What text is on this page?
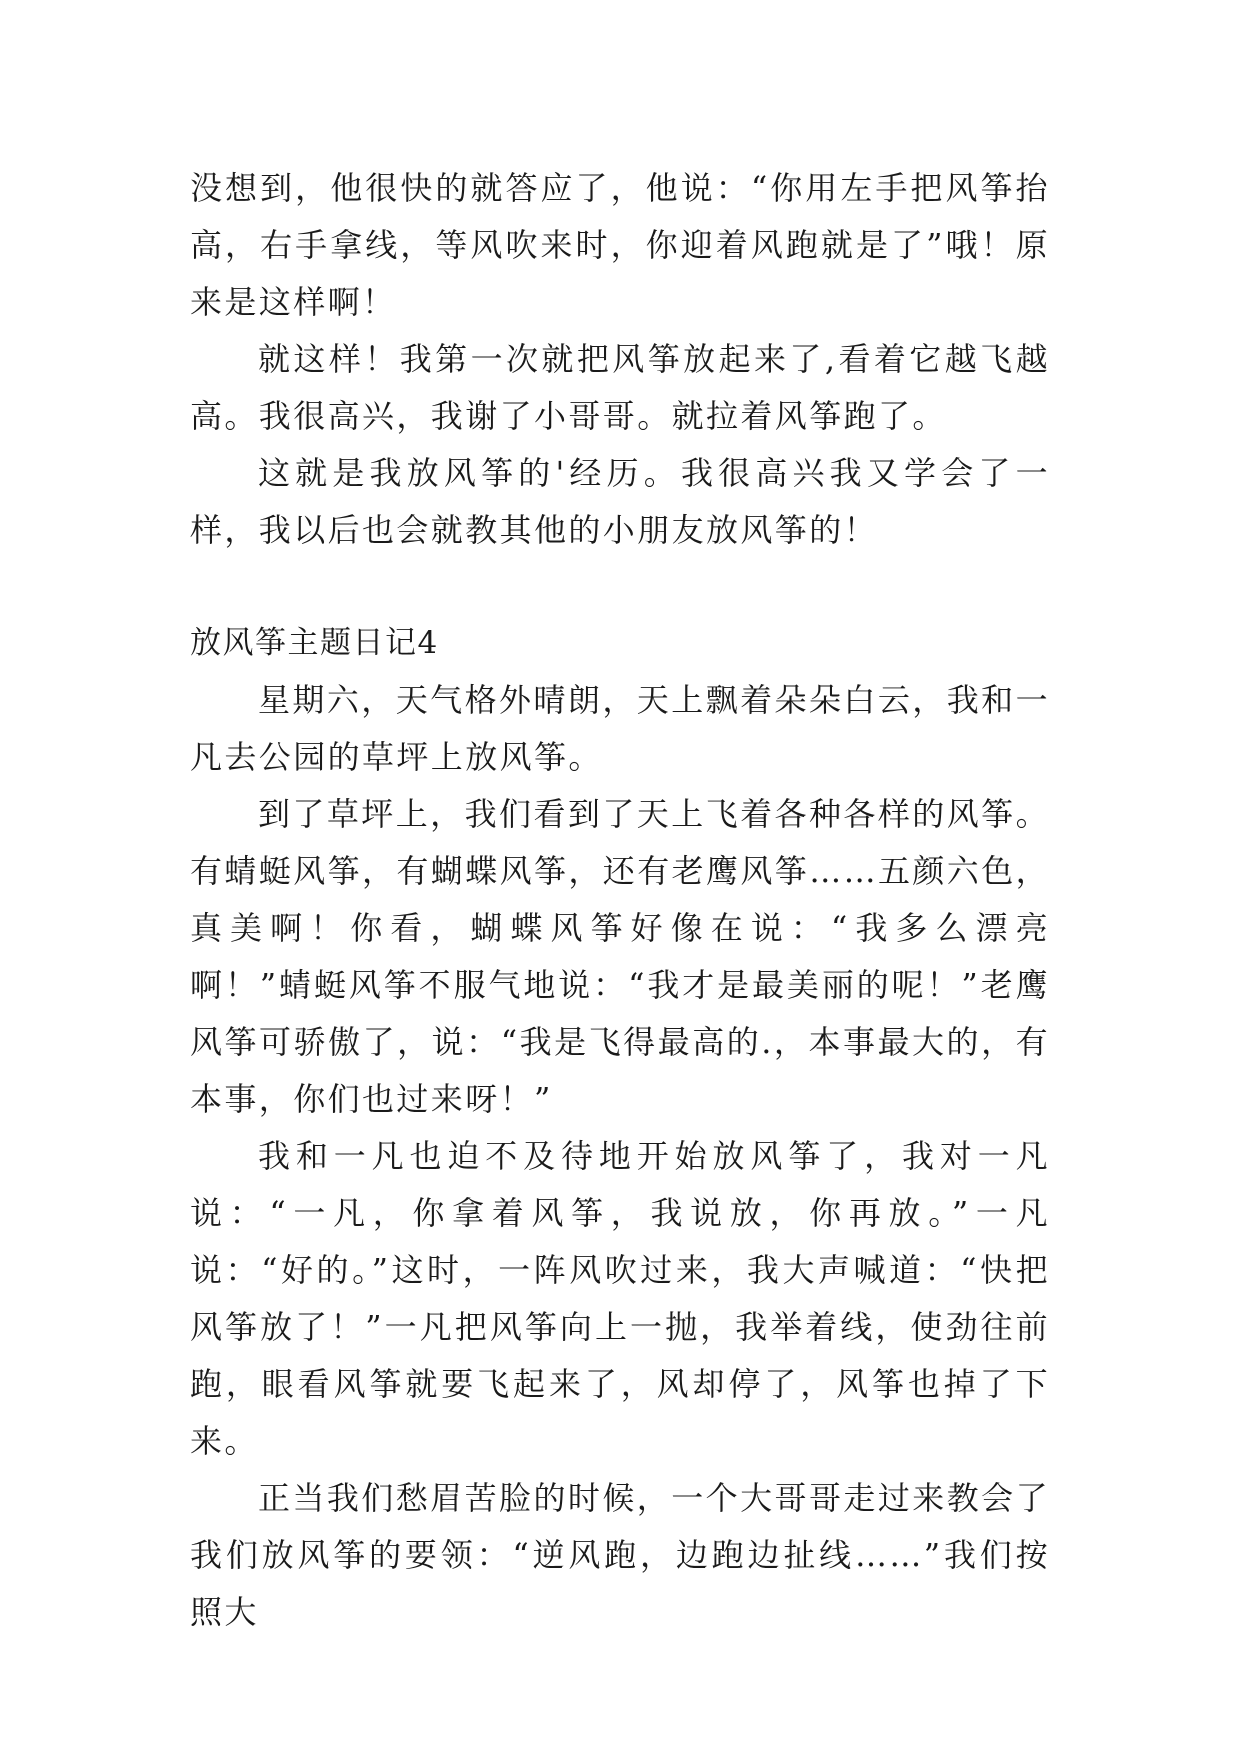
没想到，他很快的就答应了，他说：“你用左手把风筝抬高，右手拿线，等风吹来时，你迎着风跑就是了”哦！原来是这样啊！

就这样！我第一次就把风筝放起来了,看着它越飞越高。我很高兴，我谢了小哥哥。就拉着风筝跑了。

这就是我放风筝的'经历。我很高兴我又学会了一样，我以后也会就教其他的小朋友放风筝的！

放风筝主题日记4

星期六，天气格外晴朗，天上飘着朵朵白云，我和一凡去公园的草坪上放风筝。

到了草坪上，我们看到了天上飞着各种各样的风筝。有蜻蜓风筝，有蝴蝶风筝，还有老鹰风筝……五颜六色，真美啊！你看，蝴蝶风筝好像在说：“我多么漂亮啊！”蜻蜓风筝不服气地说：“我才是最美丽的呢！”老鹰风筝可骄傲了，说：“我是飞得最高的.，本事最大的，有本事，你们也过来呀！”

我和一凡也迫不及待地开始放风筝了，我对一凡说：“一凡，你拿着风筝，我说放，你再放。”一凡说：“好的。”这时，一阵风吹过来，我大声喊道：“快把风筝放了！”一凡把风筝向上一抛，我举着线，使劲往前跑，眼看风筝就要飞起来了，风却停了，风筝也掉了下来。

正当我们愁眉苦脸的时候，一个大哥哥走过来教会了我们放风筝的要领：“逆风跑，边跑边扯线……”我们按照大
